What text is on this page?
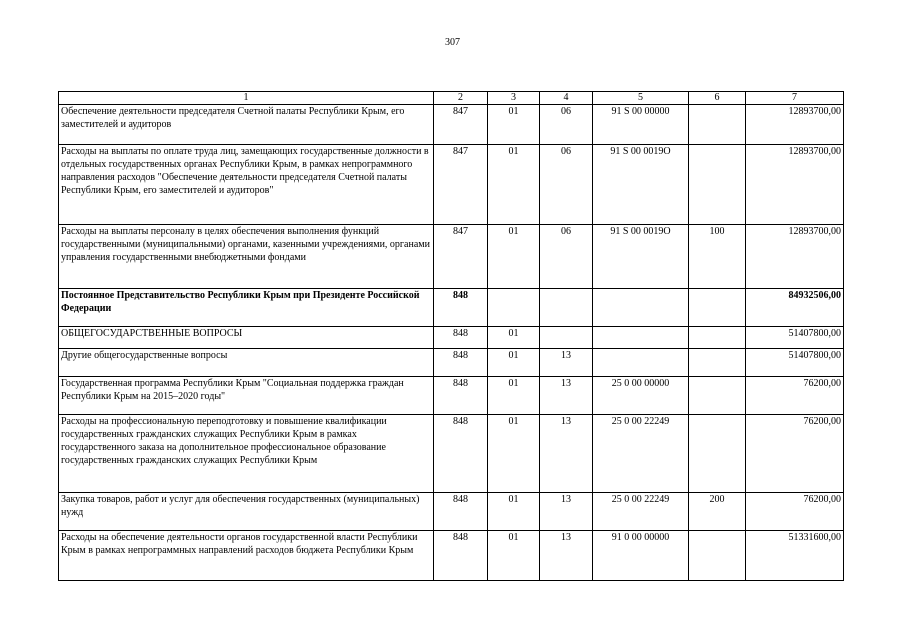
307
1	2	3	4	5	6	7
Обеспечение деятельности председателя Счетной палаты Республики Крым, его заместителей и аудиторов	847	01	06	91 S 00 00000		12893700,00
Расходы на выплаты по оплате труда лиц, замещающих государственные должности в отдельных государственных органах Республики Крым, в рамках непрограммного направления расходов "Обеспечение деятельности председателя Счетной палаты Республики Крым, его заместителей и аудиторов"	847	01	06	91 S 00 0019О		12893700,00
Расходы на выплаты персоналу в целях обеспечения выполнения функций государственными (муниципальными) органами, казенными учреждениями, органами управления государственными внебюджетными фондами	847	01	06	91 S 00 0019О	100	12893700,00
Постоянное Представительство Республики Крым при Президенте Российской Федерации	848					84932506,00
ОБЩЕГОСУДАРСТВЕННЫЕ ВОПРОСЫ	848	01				51407800,00
Другие общегосударственные вопросы	848	01	13			51407800,00
Государственная программа Республики Крым "Социальная поддержка граждан Республики Крым на 2015–2020 годы"	848	01	13	25 0 00 00000		76200,00
Расходы на профессиональную переподготовку и повышение квалификации государственных гражданских служащих Республики Крым в рамках государственного заказа на дополнительное профессиональное образование государственных гражданских служащих Республики Крым	848	01	13	25 0 00 22249		76200,00
Закупка товаров, работ и услуг для обеспечения государственных (муниципальных) нужд	848	01	13	25 0 00 22249	200	76200,00
Расходы на обеспечение деятельности органов государственной власти Республики Крым в рамках непрограммных направлений расходов бюджета Республики Крым	848	01	13	91 0 00 00000		51331600,00
